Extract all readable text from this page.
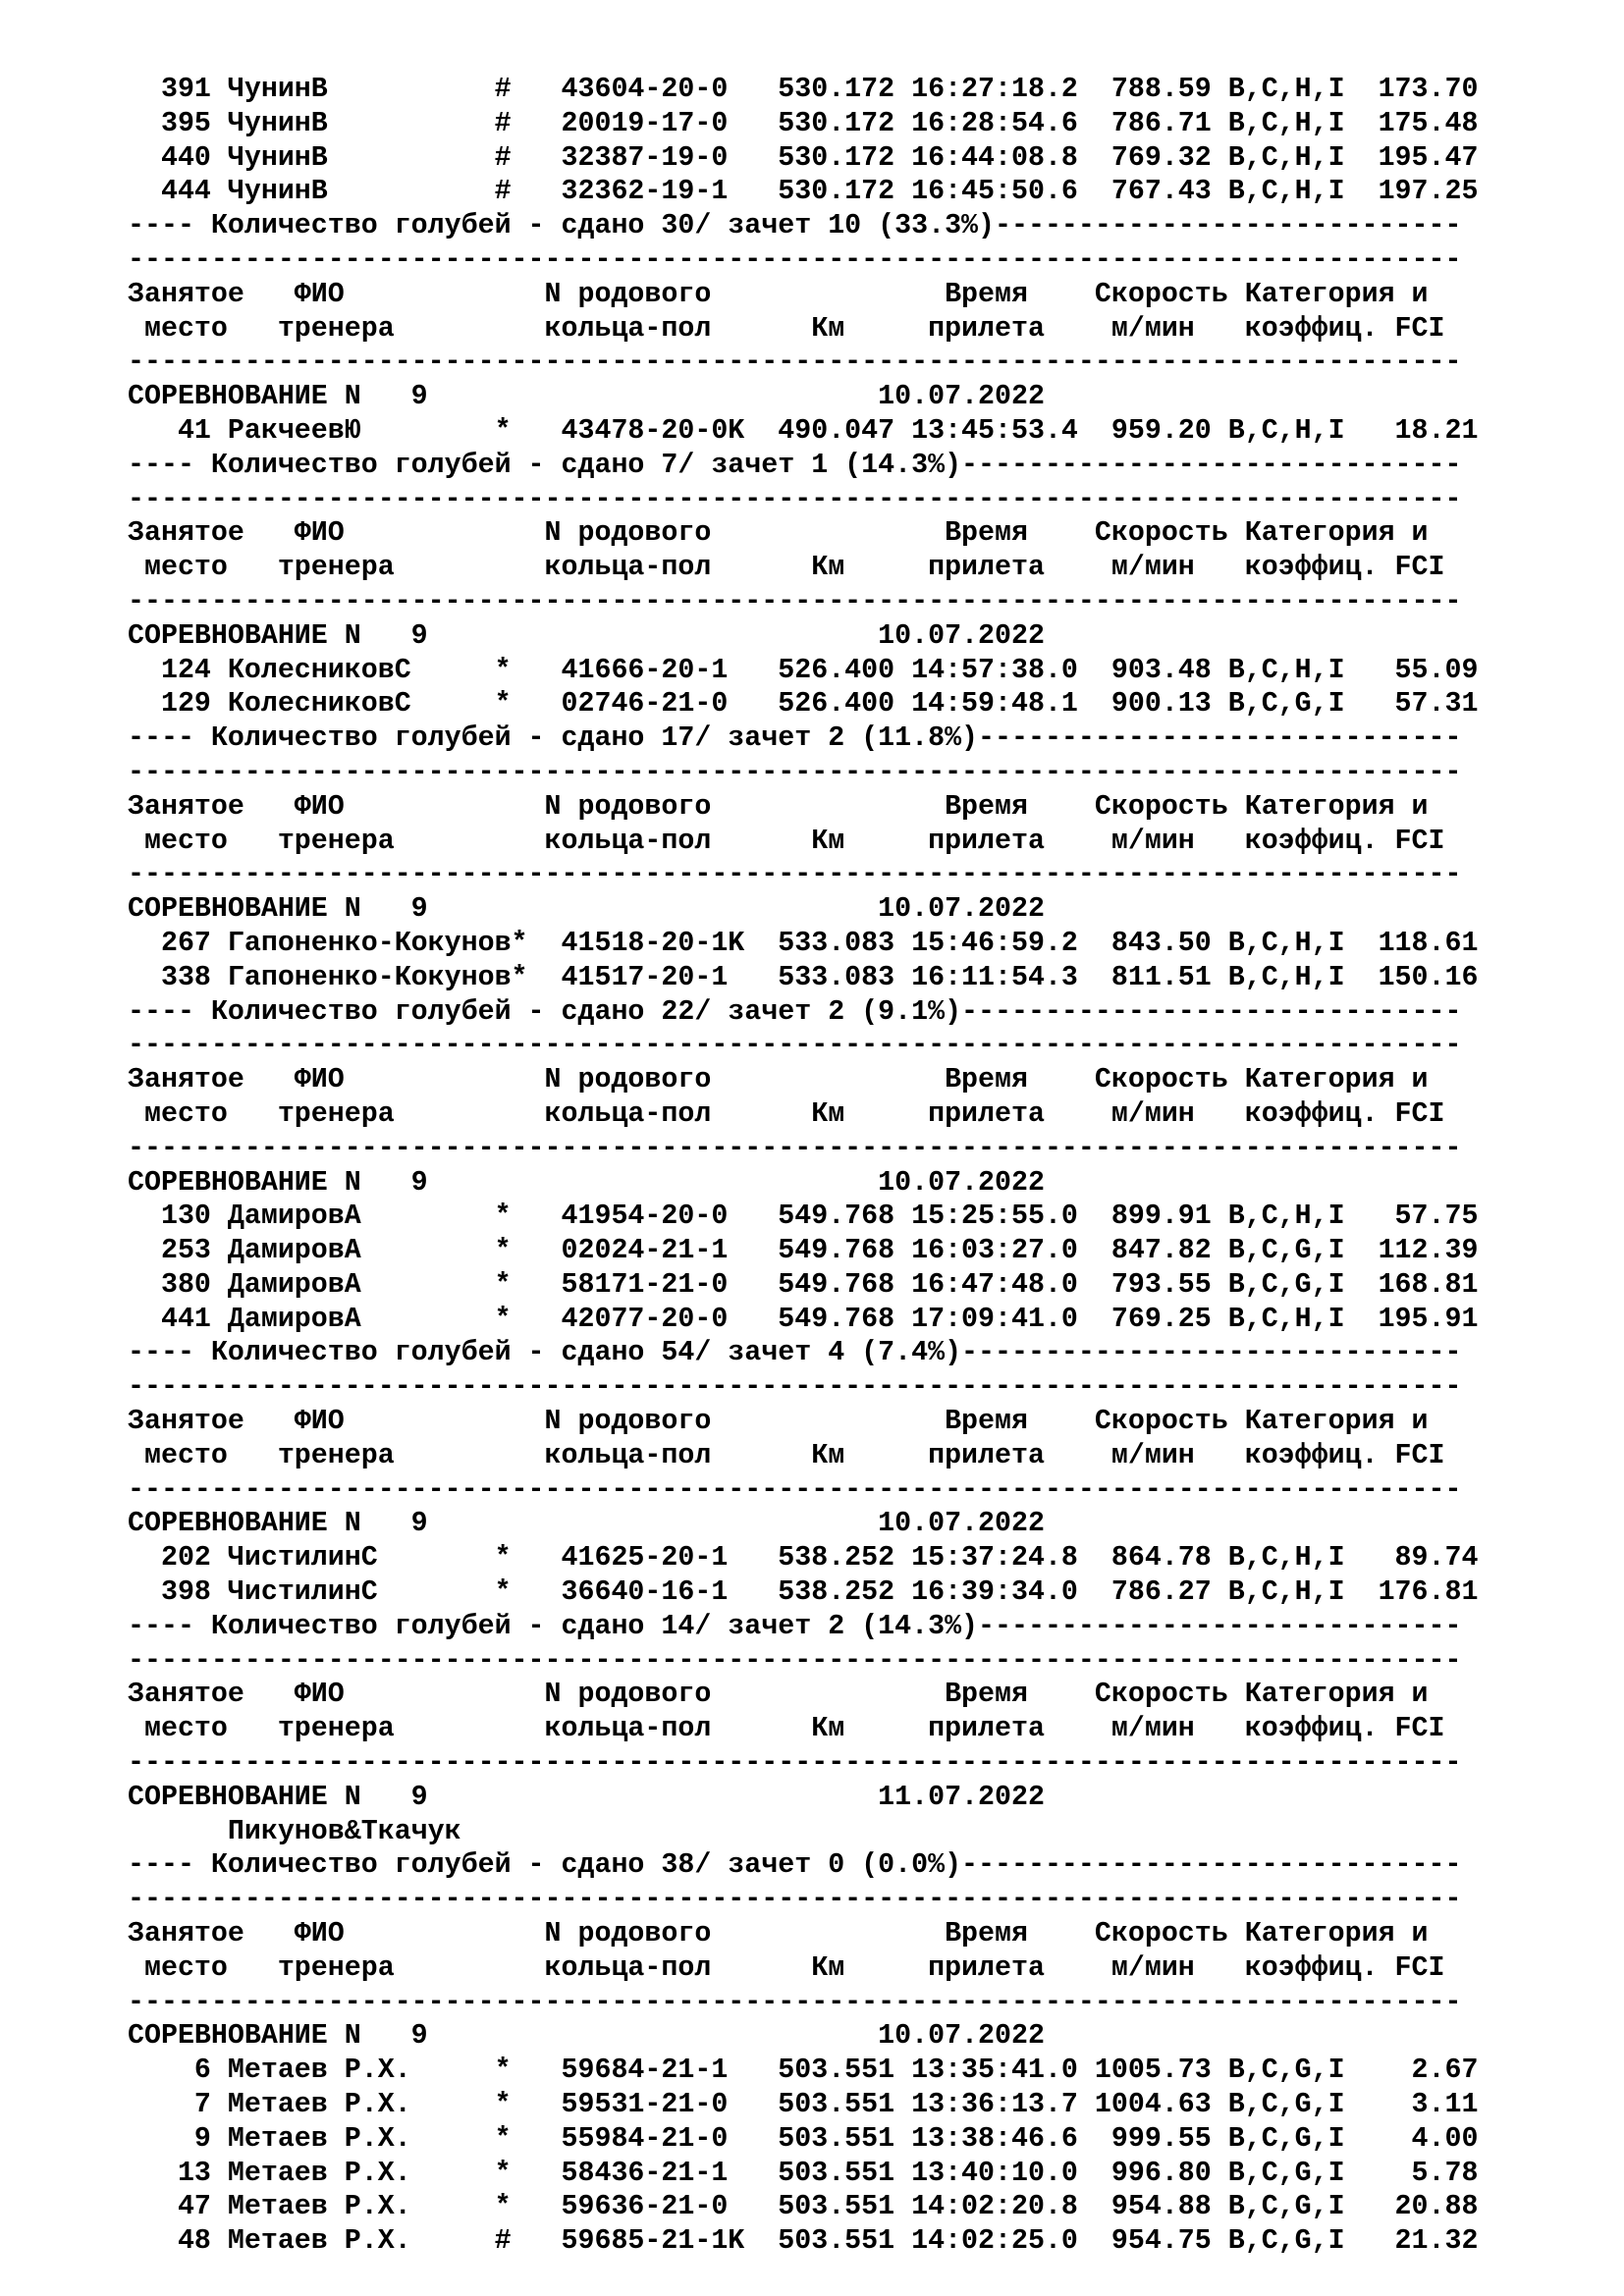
391 ЧунинВ          #   43604-20-0   530.172 16:27:18.2  788.59 B,C,H,I  173.70
395 ЧунинВ          #   20019-17-0   530.172 16:28:54.6  786.71 B,C,H,I  175.48
440 ЧунинВ          #   32387-19-0   530.172 16:44:08.8  769.32 B,C,H,I  195.47
444 ЧунинВ          #   32362-19-1   530.172 16:45:50.6  767.43 B,C,H,I  197.25
---- Количество голубей - сдано 30/ зачет 10 (33.3%)----------------------------
--------------------------------------------------------------------------------
Занятое   ФИО            N родового              Время    Скорость Категория и
место   тренера         кольца-пол      Км     прилета    м/мин   коэффиц. FCI
--------------------------------------------------------------------------------
СОРЕВНОВАНИЕ N   9                           10.07.2022
41 РакчеевЮ        *   43478-20-0K  490.047 13:45:53.4  959.20 B,C,H,I   18.21
---- Количество голубей - сдано 7/ зачет 1 (14.3%)------------------------------
--------------------------------------------------------------------------------
Занятое   ФИО            N родового              Время    Скорость Категория и
место   тренера         кольца-пол      Км     прилета    м/мин   коэффиц. FCI
--------------------------------------------------------------------------------
СОРЕВНОВАНИЕ N   9                           10.07.2022
124 КолесниковС     *   41666-20-1   526.400 14:57:38.0  903.48 B,C,H,I   55.09
129 КолесниковС     *   02746-21-0   526.400 14:59:48.1  900.13 B,C,G,I   57.31
---- Количество голубей - сдано 17/ зачет 2 (11.8%)-----------------------------
--------------------------------------------------------------------------------
Занятое   ФИО            N родового              Время    Скорость Категория и
место   тренера         кольца-пол      Км     прилета    м/мин   коэффиц. FCI
--------------------------------------------------------------------------------
СОРЕВНОВАНИЕ N   9                           10.07.2022
267 Гапоненко-Кокунов*  41518-20-1K  533.083 15:46:59.2  843.50 B,C,H,I  118.61
338 Гапоненко-Кокунов*  41517-20-1   533.083 16:11:54.3  811.51 B,C,H,I  150.16
---- Количество голубей - сдано 22/ зачет 2 (9.1%)------------------------------
--------------------------------------------------------------------------------
Занятое   ФИО            N родового              Время    Скорость Категория и
место   тренера         кольца-пол      Км     прилета    м/мин   коэффиц. FCI
--------------------------------------------------------------------------------
СОРЕВНОВАНИЕ N   9                           10.07.2022
130 ДамировА        *   41954-20-0   549.768 15:25:55.0  899.91 B,C,H,I   57.75
253 ДамировА        *   02024-21-1   549.768 16:03:27.0  847.82 B,C,G,I  112.39
380 ДамировА        *   58171-21-0   549.768 16:47:48.0  793.55 B,C,G,I  168.81
441 ДамировА        *   42077-20-0   549.768 17:09:41.0  769.25 B,C,H,I  195.91
---- Количество голубей - сдано 54/ зачет 4 (7.4%)------------------------------
--------------------------------------------------------------------------------
Занятое   ФИО            N родового              Время    Скорость Категория и
место   тренера         кольца-пол      Км     прилета    м/мин   коэффиц. FCI
--------------------------------------------------------------------------------
СОРЕВНОВАНИЕ N   9                           10.07.2022
202 ЧистилинС       *   41625-20-1   538.252 15:37:24.8  864.78 B,C,H,I   89.74
398 ЧистилинС       *   36640-16-1   538.252 16:39:34.0  786.27 B,C,H,I  176.81
---- Количество голубей - сдано 14/ зачет 2 (14.3%)-----------------------------
--------------------------------------------------------------------------------
Занятое   ФИО            N родового              Время    Скорость Категория и
место   тренера         кольца-пол      Км     прилета    м/мин   коэффиц. FCI
--------------------------------------------------------------------------------
СОРЕВНОВАНИЕ N   9                           11.07.2022
Пикунов&Ткачук
---- Количество голубей - сдано 38/ зачет 0 (0.0%)------------------------------
--------------------------------------------------------------------------------
Занятое   ФИО            N родового              Время    Скорость Категория и
место   тренера         кольца-пол      Км     прилета    м/мин   коэффиц. FCI
--------------------------------------------------------------------------------
СОРЕВНОВАНИЕ N   9                           10.07.2022
6 Метаев Р.Х.     *   59684-21-1   503.551 13:35:41.0 1005.73 B,C,G,I    2.67
7 Метаев Р.Х.     *   59531-21-0   503.551 13:36:13.7 1004.63 B,C,G,I    3.11
9 Метаев Р.Х.     *   55984-21-0   503.551 13:38:46.6  999.55 B,C,G,I    4.00
13 Метаев Р.Х.     *   58436-21-1   503.551 13:40:10.0  996.80 B,C,G,I    5.78
47 Метаев Р.Х.     *   59636-21-0   503.551 14:02:20.8  954.88 B,C,G,I   20.88
48 Метаев Р.Х.     #   59685-21-1K  503.551 14:02:25.0  954.75 B,C,G,I   21.32
